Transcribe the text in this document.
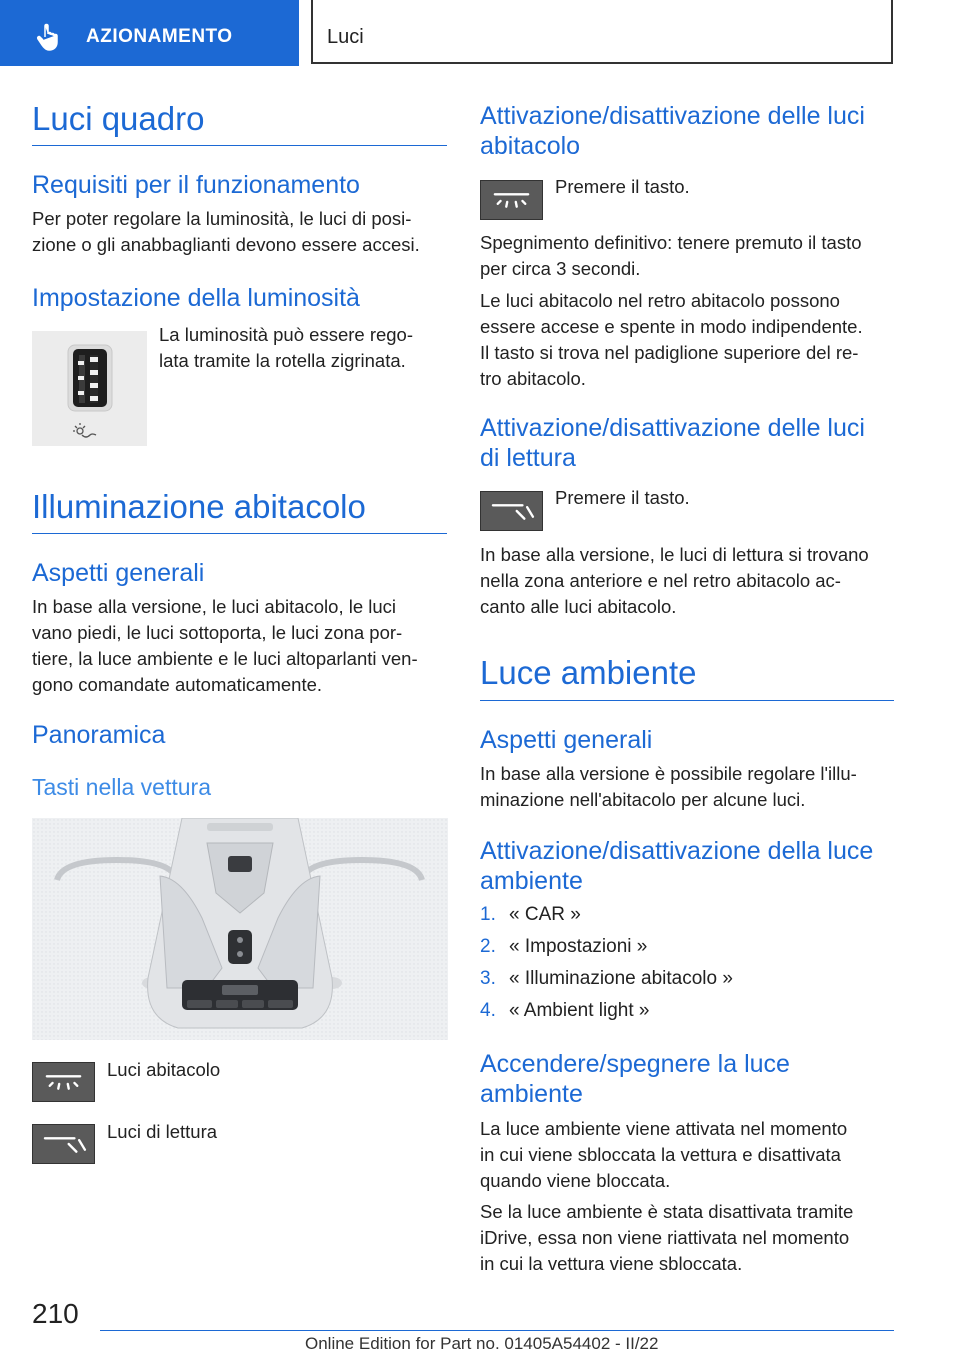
AZIONAMENTO	Luci
Luci quadro
Requisiti per il funzionamento
Per poter regolare la luminosità, le luci di posi-
zione o gli anabbaglianti devono essere accesi.
Impostazione della luminosità
La luminosità può essere rego-
lata tramite la rotella zigrinata.
Illuminazione abitacolo
Aspetti generali
In base alla versione, le luci abitacolo, le luci
vano piedi, le luci sottoporta, le luci zona por-
tiere, la luce ambiente e le luci altoparlanti ven-
gono comandate automaticamente.
Panoramica
Tasti nella vettura
Luci abitacolo
Luci di lettura
Attivazione/disattivazione delle luci
abitacolo
Premere il tasto.
Spegnimento definitivo: tenere premuto il tasto
per circa 3 secondi.
Le luci abitacolo nel retro abitacolo possono
essere accese e spente in modo indipendente.
Il tasto si trova nel padiglione superiore del re-
tro abitacolo.
Attivazione/disattivazione delle luci
di lettura
Premere il tasto.
In base alla versione, le luci di lettura si trovano
nella zona anteriore e nel retro abitacolo ac-
canto alle luci abitacolo.
Luce ambiente
Aspetti generali
In base alla versione è possibile regolare l'illu-
minazione nell'abitacolo per alcune luci.
Attivazione/disattivazione della luce
ambiente
1. « CAR »
2. « Impostazioni »
3. « Illuminazione abitacolo »
4. « Ambient light »
Accendere/spegnere la luce
ambiente
La luce ambiente viene attivata nel momento
in cui viene sbloccata la vettura e disattivata
quando viene bloccata.
Se la luce ambiente è stata disattivata tramite
iDrive, essa non viene riattivata nel momento
in cui la vettura viene sbloccata.
210
Online Edition for Part no. 01405A54402 - II/22
